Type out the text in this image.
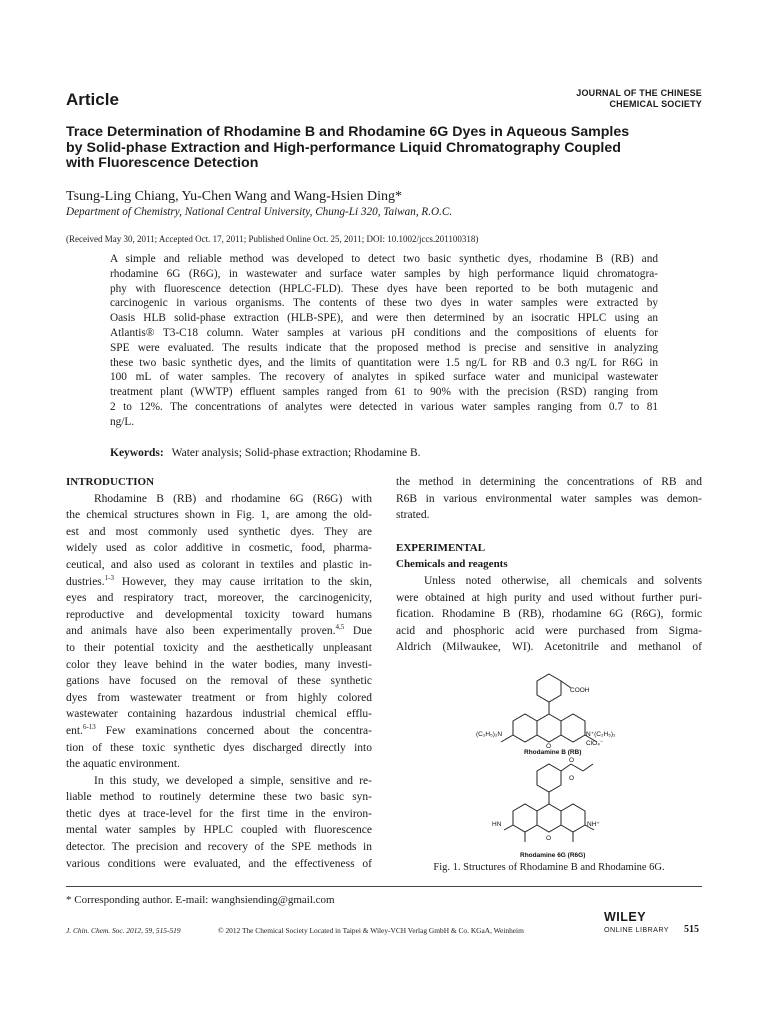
Article	JOURNAL OF THE CHINESE
CHEMICAL SOCIETY
Trace Determination of Rhodamine B and Rhodamine 6G Dyes in Aqueous Samples
by Solid-phase Extraction and High-performance Liquid Chromatography Coupled
with Fluorescence Detection
Tsung-Ling Chiang, Yu-Chen Wang and Wang-Hsien Ding*
Department of Chemistry, National Central University, Chung-Li 320, Taiwan, R.O.C.
(Received May 30, 2011; Accepted Oct. 17, 2011; Published Online Oct. 25, 2011; DOI: 10.1002/jccs.201100318)
A simple and reliable method was developed to detect two basic synthetic dyes, rhodamine B (RB) and
rhodamine 6G (R6G), in wastewater and surface water samples by high performance liquid chromatogra-
phy with fluorescence detection (HPLC-FLD). These dyes have been reported to be both mutagenic and
carcinogenic in various organisms. The contents of these two dyes in water samples were extracted by
Oasis HLB solid-phase extraction (HLB-SPE), and were then determined by an isocratic HPLC using an
Atlantis® T3-C18 column. Water samples at various pH conditions and the compositions of eluents for
SPE were evaluated. The results indicate that the proposed method is precise and sensitive in analyzing
these two basic synthetic dyes, and the limits of quantitation were 1.5 ng/L for RB and 0.3 ng/L for R6G in
100 mL of water samples. The recovery of analytes in spiked surface water and municipal wastewater
treatment plant (WWTP) effluent samples ranged from 61 to 90% with the precision (RSD) ranging from
2 to 12%. The concentrations of analytes were detected in various water samples ranging from 0.7 to 81
ng/L.
Keywords: Water analysis; Solid-phase extraction; Rhodamine B.
INTRODUCTION
Rhodamine B (RB) and rhodamine 6G (R6G) with
the chemical structures shown in Fig. 1, are among the old-
est and most commonly used synthetic dyes. They are
widely used as color additive in cosmetic, food, pharma-
ceutical, and also used as colorant in textiles and plastic in-
dustries.$^{1-3}$ However, they may cause irritation to the skin,
eyes and respiratory tract, moreover, the carcinogenicity,
reproductive and developmental toxicity toward humans
and animals have also been experimentally proven.$^{4,5}$ Due
to their potential toxicity and the aesthetically unpleasant
color they leave behind in the water bodies, many investi-
gations have focused on the removal of these synthetic
dyes from wastewater treatment or from highly colored
wastewater containing hazardous industrial chemical efflu-
ent.$^{6-13}$ Few examinations concerned about the concentra-
tion of these toxic synthetic dyes discharged directly into
the aquatic environment.
In this study, we developed a simple, sensitive and re-
liable method to routinely determine these two basic syn-
thetic dyes at trace-level for the first time in the environ-
mental water samples by HPLC coupled with fluorescence
detector. The precision and recovery of the SPE methods in
various conditions were evaluated, and the effectiveness of
the method in determining the concentrations of RB and
R6B in various environmental water samples was demon-
strated.
EXPERIMENTAL
Chemicals and reagents
Unless noted otherwise, all chemicals and solvents
were obtained at high purity and used without further puri-
fication. Rhodamine B (RB), rhodamine 6G (R6G), formic
acid and phosphoric acid were purchased from Sigma-
Aldrich (Milwaukee, WI). Acetonitrile and methanol of
COOH
(C₂H₅)₂N	N⁺(C₂H₅)₂
ClO₄⁻
O
Rhodamine B (RB)
O
O
HN	NH⁺
O
Rhodamine 6G (R6G)
Fig. 1. Structures of Rhodamine B and Rhodamine 6G.
* Corresponding author. E-mail: wanghsiending@gmail.com
J. Chin. Chem. Soc. 2012, 59, 515-519	© 2012 The Chemical Society Located in Taipei & Wiley-VCH Verlag GmbH & Co. KGaA, Weinheim
WILEY
ONLINE LIBRARY	515
